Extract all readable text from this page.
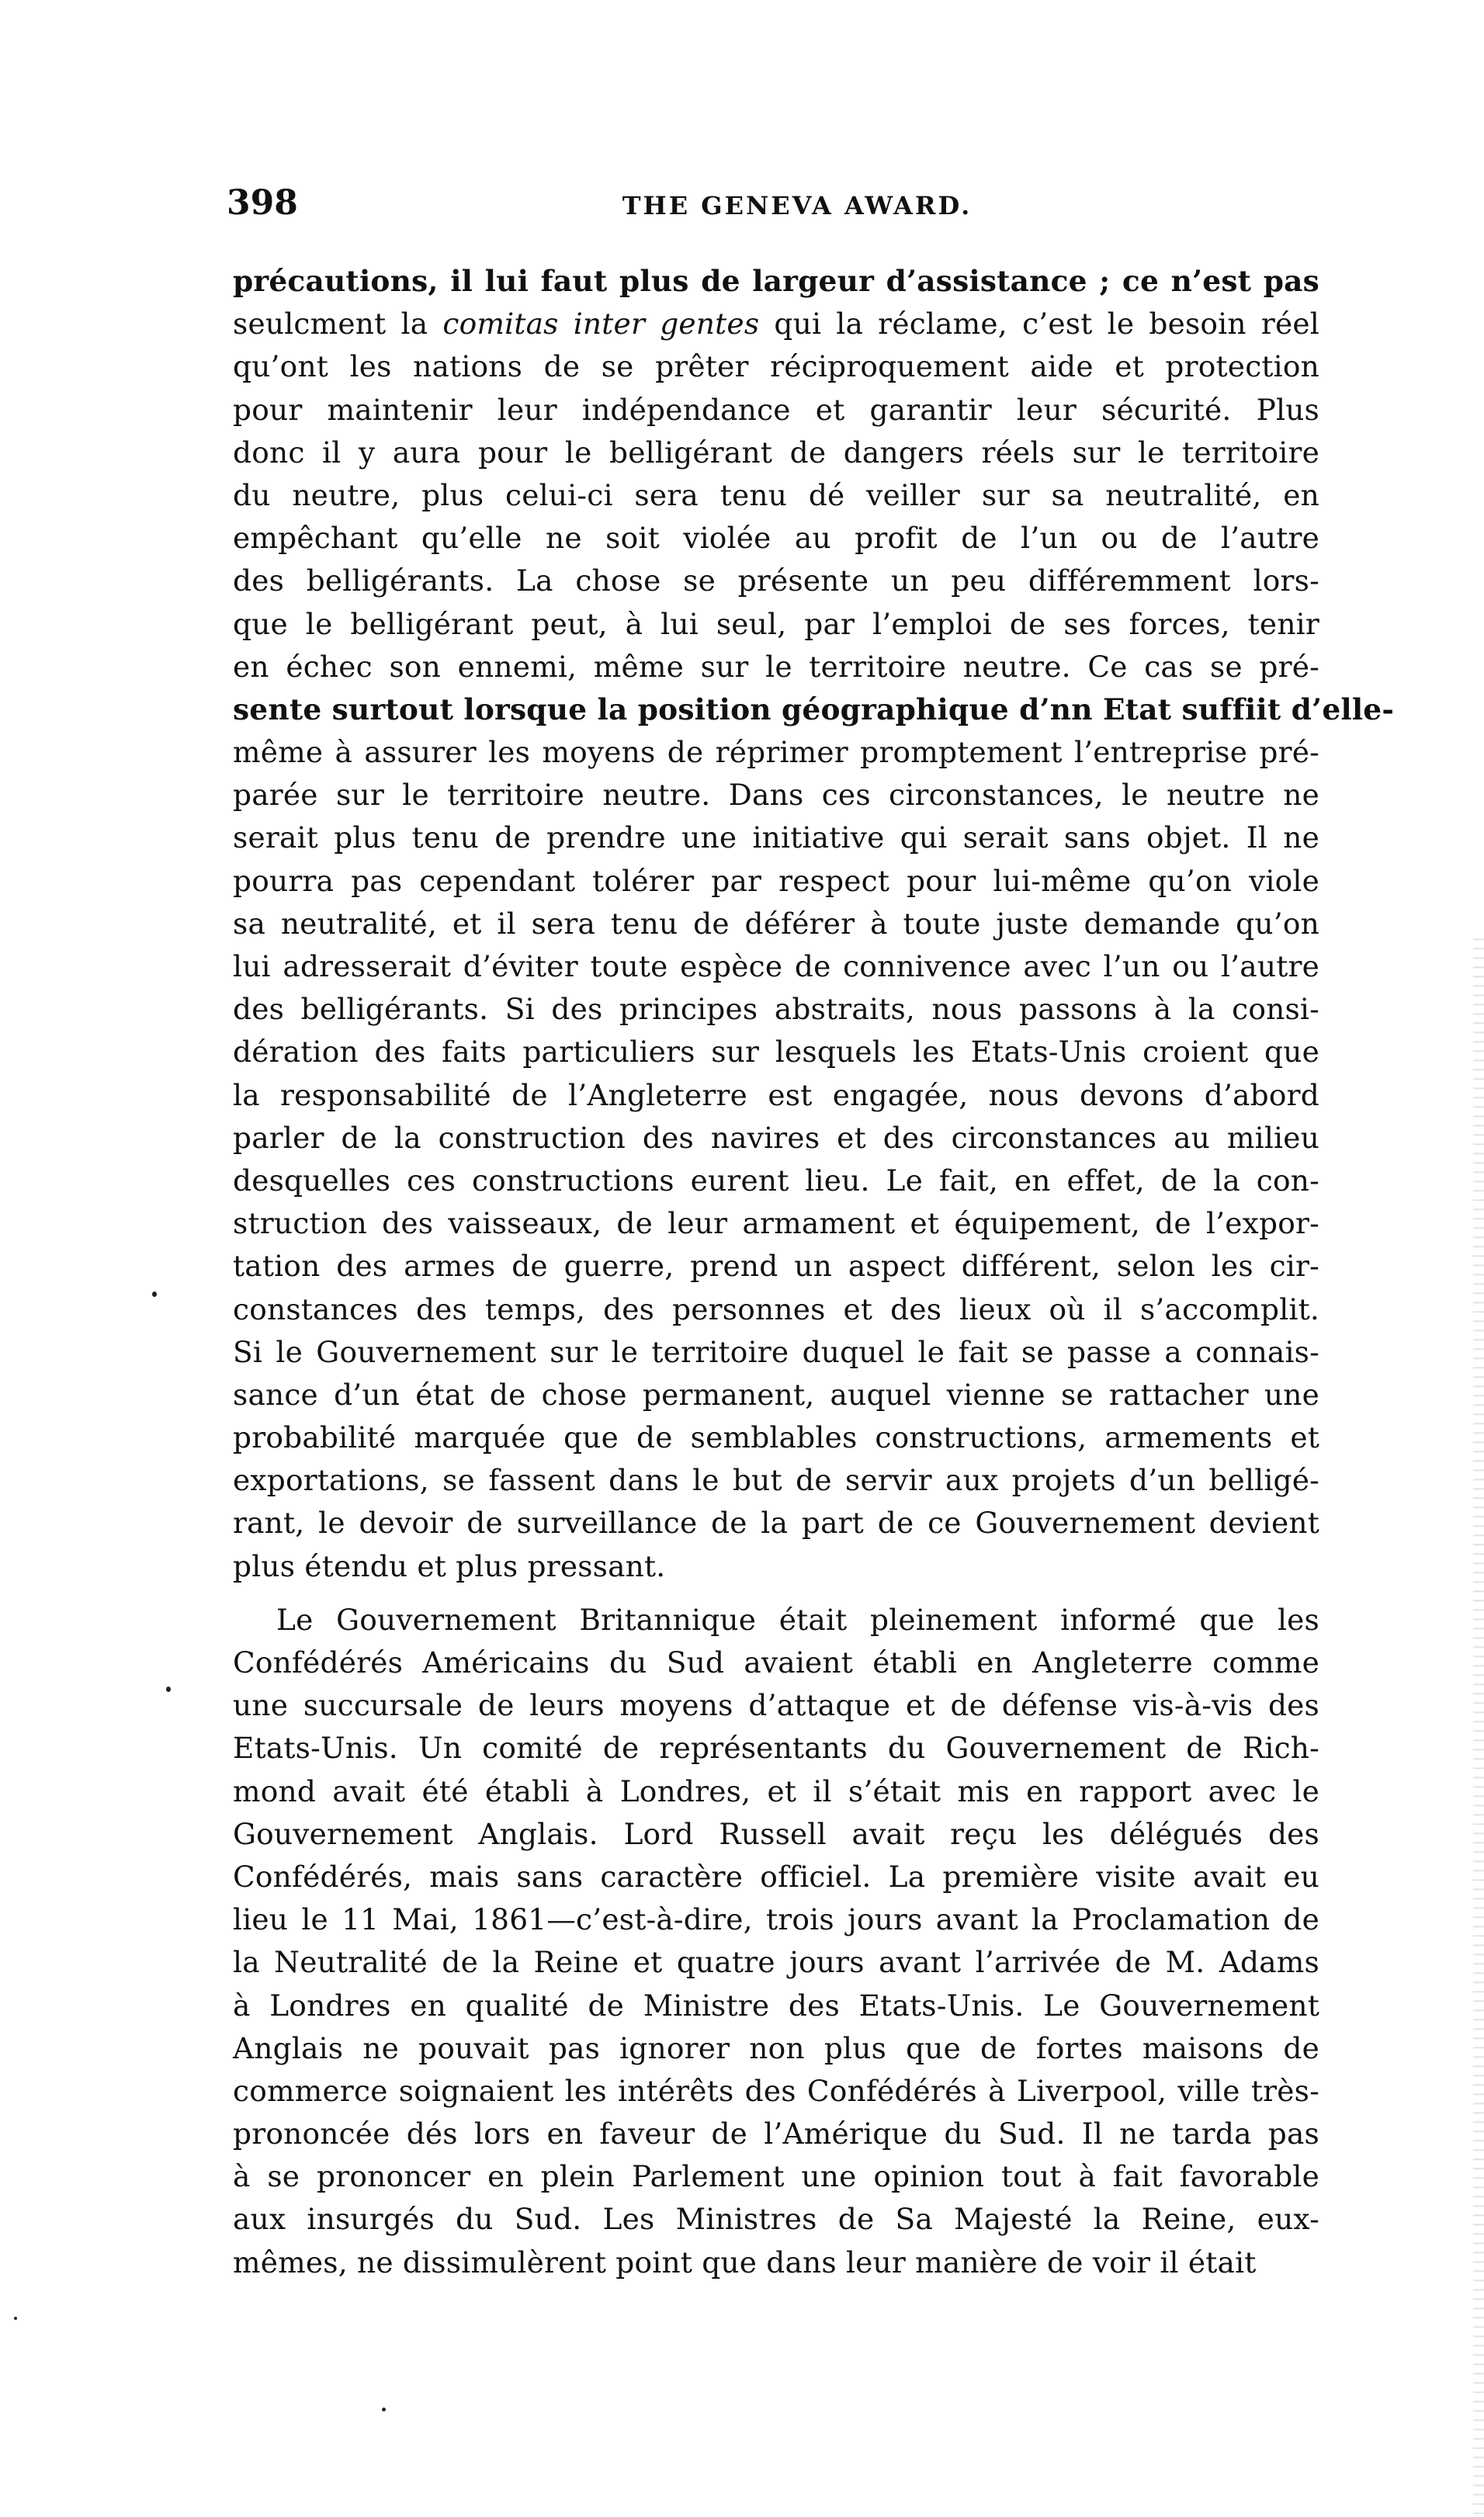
398	THE GENEVA AWARD.
précautions, il lui faut plus de largeur d’assistance ; ce n’est pas
seulcment la comitas inter gentes qui la réclame, c’est le besoin réel
qu’ont les nations de se prêter réciproquement aide et protection
pour maintenir leur indépendance et garantir leur sécurité. Plus
donc il y aura pour le belligérant de dangers réels sur le territoire
du neutre, plus celui-ci sera tenu dé veiller sur sa neutralité, en
empêchant qu’elle ne soit violée au profit de l’un ou de l’autre
des belligérants. La chose se présente un peu différemment lors-
que le belligérant peut, à lui seul, par l’emploi de ses forces, tenir
en échec son ennemi, même sur le territoire neutre. Ce cas se pré-
sente surtout lorsque la position géographique d’nn Etat suffiit d’elle-
même à assurer les moyens de réprimer promptement l’entreprise pré-
parée sur le territoire neutre. Dans ces circonstances, le neutre ne
serait plus tenu de prendre une initiative qui serait sans objet. Il ne
pourra pas cependant tolérer par respect pour lui-même qu’on viole
sa neutralité, et il sera tenu de déférer à toute juste demande qu’on
lui adresserait d’éviter toute espèce de connivence avec l’un ou l’autre
des belligérants. Si des principes abstraits, nous passons à la consi-
dération des faits particuliers sur lesquels les Etats-Unis croient que
la responsabilité de l’Angleterre est engagée, nous devons d’abord
parler de la construction des navires et des circonstances au milieu
desquelles ces constructions eurent lieu. Le fait, en effet, de la con-
struction des vaisseaux, de leur armament et équipement, de l’expor-
tation des armes de guerre, prend un aspect différent, selon les cir-
constances des temps, des personnes et des lieux où il s’accomplit.
Si le Gouvernement sur le territoire duquel le fait se passe a connais-
sance d’un état de chose permanent, auquel vienne se rattacher une
probabilité marquée que de semblables constructions, armements et
exportations, se fassent dans le but de servir aux projets d’un belligé-
rant, le devoir de surveillance de la part de ce Gouvernement devient
plus étendu et plus pressant.
Le Gouvernement Britannique était pleinement informé que les
Confédérés Américains du Sud avaient établi en Angleterre comme
une succursale de leurs moyens d’attaque et de défense vis-à-vis des
Etats-Unis. Un comité de représentants du Gouvernement de Rich-
mond avait été établi à Londres, et il s’était mis en rapport avec le
Gouvernement Anglais. Lord Russell avait reçu les délégués des
Confédérés, mais sans caractère officiel. La première visite avait eu
lieu le 11 Mai, 1861—c’est-à-dire, trois jours avant la Proclamation de
la Neutralité de la Reine et quatre jours avant l’arrivée de M. Adams
à Londres en qualité de Ministre des Etats-Unis. Le Gouvernement
Anglais ne pouvait pas ignorer non plus que de fortes maisons de
commerce soignaient les intérêts des Confédérés à Liverpool, ville très-
prononcée dés lors en faveur de l’Amérique du Sud. Il ne tarda pas
à se prononcer en plein Parlement une opinion tout à fait favorable
aux insurgés du Sud. Les Ministres de Sa Majesté la Reine, eux-
mêmes, ne dissimulèrent point que dans leur manière de voir il était
